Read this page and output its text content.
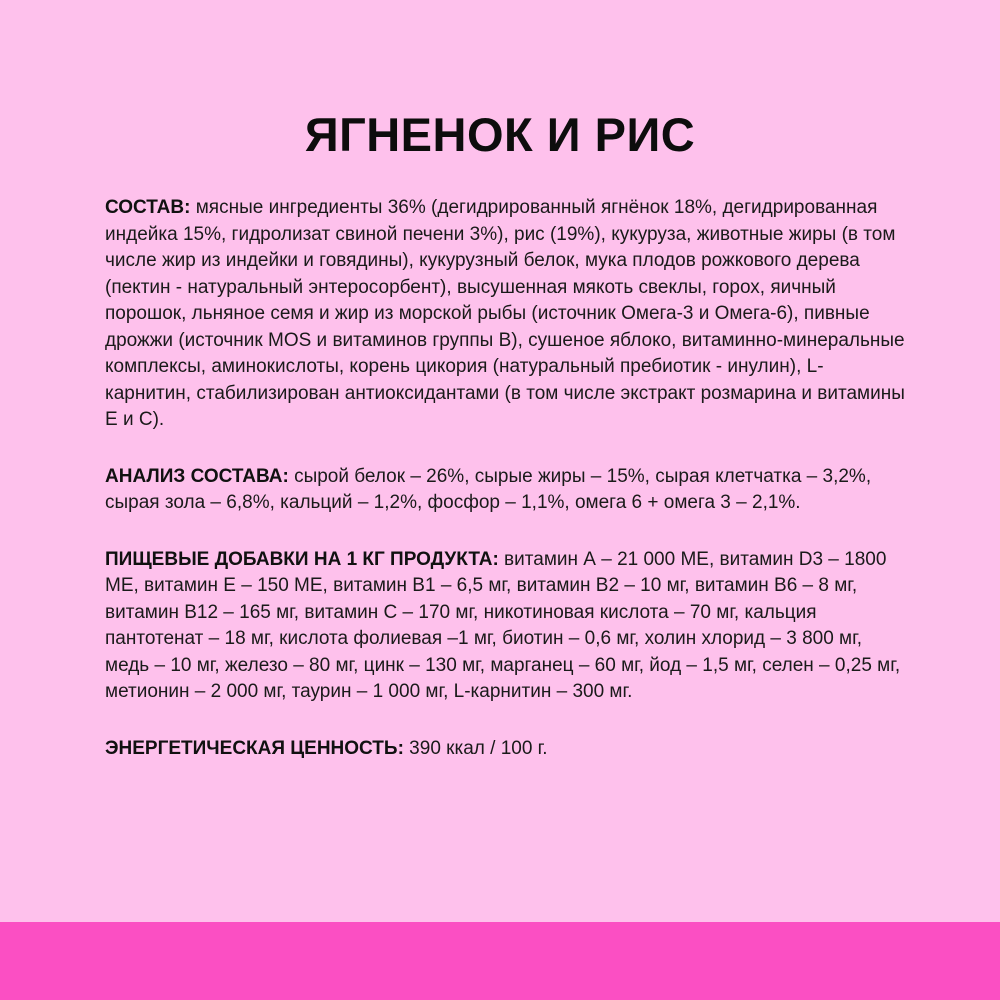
ЯГНЕНОК И РИС

СОСТАВ: мясные ингредиенты 36% (дегидрированный ягнёнок 18%, дегидрированная индейка 15%, гидролизат свиной печени 3%), рис (19%), кукуруза, животные жиры (в том числе жир из индейки и говядины), кукурузный белок, мука плодов рожкового дерева (пектин - натуральный энтеросорбент), высушенная мякоть свеклы, горох, яичный порошок, льняное семя и жир из морской рыбы (источник Омега-3 и Омега-6), пивные дрожжи (источник MOS и витаминов группы B), сушеное яблоко, витаминно-минеральные комплексы, аминокислоты, корень цикория (натуральный пребиотик - инулин), L-карнитин, стабилизирован антиоксидантами (в том числе экстракт розмарина и витамины Е и С).

АНАЛИЗ СОСТАВА: сырой белок – 26%, сырые жиры – 15%, сырая клетчатка – 3,2%, сырая зола – 6,8%, кальций – 1,2%, фосфор – 1,1%, омега 6 + омега 3 – 2,1%.

ПИЩЕВЫЕ ДОБАВКИ НА 1 КГ ПРОДУКТА: витамин А – 21 000 МЕ, витамин D3 – 1800 МЕ, витамин Е – 150 МЕ, витамин В1 – 6,5 мг, витамин В2 – 10 мг, витамин В6 – 8 мг, витамин В12 – 165 мг, витамин С – 170 мг, никотиновая кислота – 70 мг, кальция пантотенат – 18 мг, кислота фолиевая –1 мг, биотин – 0,6 мг, холин хлорид – 3 800 мг, медь – 10 мг, железо – 80 мг, цинк – 130 мг, марганец – 60 мг, йод – 1,5 мг, селен – 0,25 мг, метионин – 2 000 мг, таурин – 1 000 мг, L-карнитин – 300 мг.

ЭНЕРГЕТИЧЕСКАЯ ЦЕННОСТЬ: 390 ккал / 100 г.
